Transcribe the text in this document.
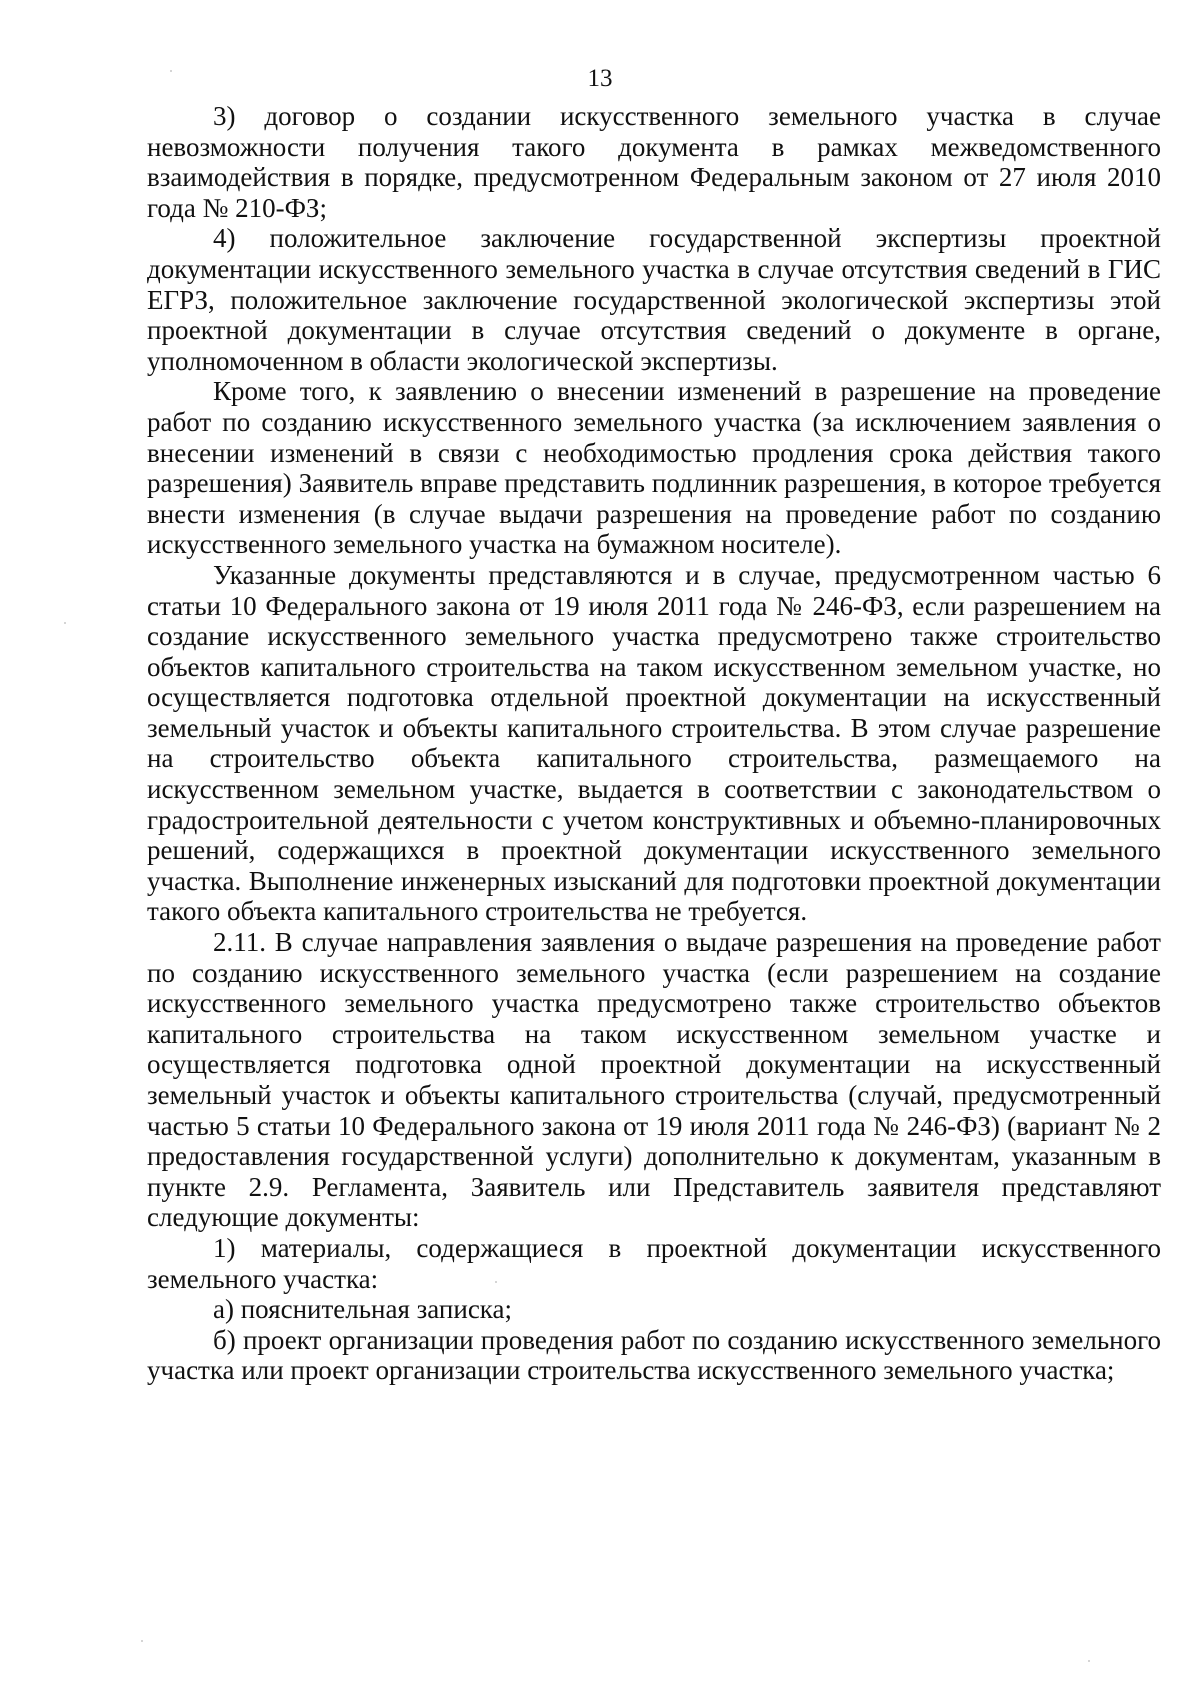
13

3) договор о создании искусственного земельного участка в случае невозможности получения такого документа в рамках межведомственного взаимодействия в порядке, предусмотренном Федеральным законом от 27 июля 2010 года № 210-ФЗ;

4) положительное заключение государственной экспертизы проектной документации искусственного земельного участка в случае отсутствия сведений в ГИС ЕГРЗ, положительное заключение государственной экологической экспертизы этой проектной документации в случае отсутствия сведений о документе в органе, уполномоченном в области экологической экспертизы.

Кроме того, к заявлению о внесении изменений в разрешение на проведение работ по созданию искусственного земельного участка (за исключением заявления о внесении изменений в связи с необходимостью продления срока действия такого разрешения) Заявитель вправе представить подлинник разрешения, в которое требуется внести изменения (в случае выдачи разрешения на проведение работ по созданию искусственного земельного участка на бумажном носителе).

Указанные документы представляются и в случае, предусмотренном частью 6 статьи 10 Федерального закона от 19 июля 2011 года № 246-ФЗ, если разрешением на создание искусственного земельного участка предусмотрено также строительство объектов капитального строительства на таком искусственном земельном участке, но осуществляется подготовка отдельной проектной документации на искусственный земельный участок и объекты капитального строительства. В этом случае разрешение на строительство объекта капитального строительства, размещаемого на искусственном земельном участке, выдается в соответствии с законодательством о градостроительной деятельности с учетом конструктивных и объемно-планировочных решений, содержащихся в проектной документации искусственного земельного участка. Выполнение инженерных изысканий для подготовки проектной документации такого объекта капитального строительства не требуется.

2.11. В случае направления заявления о выдаче разрешения на проведение работ по созданию искусственного земельного участка (если разрешением на создание искусственного земельного участка предусмотрено также строительство объектов капитального строительства на таком искусственном земельном участке и осуществляется подготовка одной проектной документации на искусственный земельный участок и объекты капитального строительства (случай, предусмотренный частью 5 статьи 10 Федерального закона от 19 июля 2011 года № 246-ФЗ) (вариант № 2 предоставления государственной услуги) дополнительно к документам, указанным в пункте 2.9. Регламента, Заявитель или Представитель заявителя представляют следующие документы:

1) материалы, содержащиеся в проектной документации искусственного земельного участка:

а) пояснительная записка;

б) проект организации проведения работ по созданию искусственного земельного участка или проект организации строительства искусственного земельного участка;
